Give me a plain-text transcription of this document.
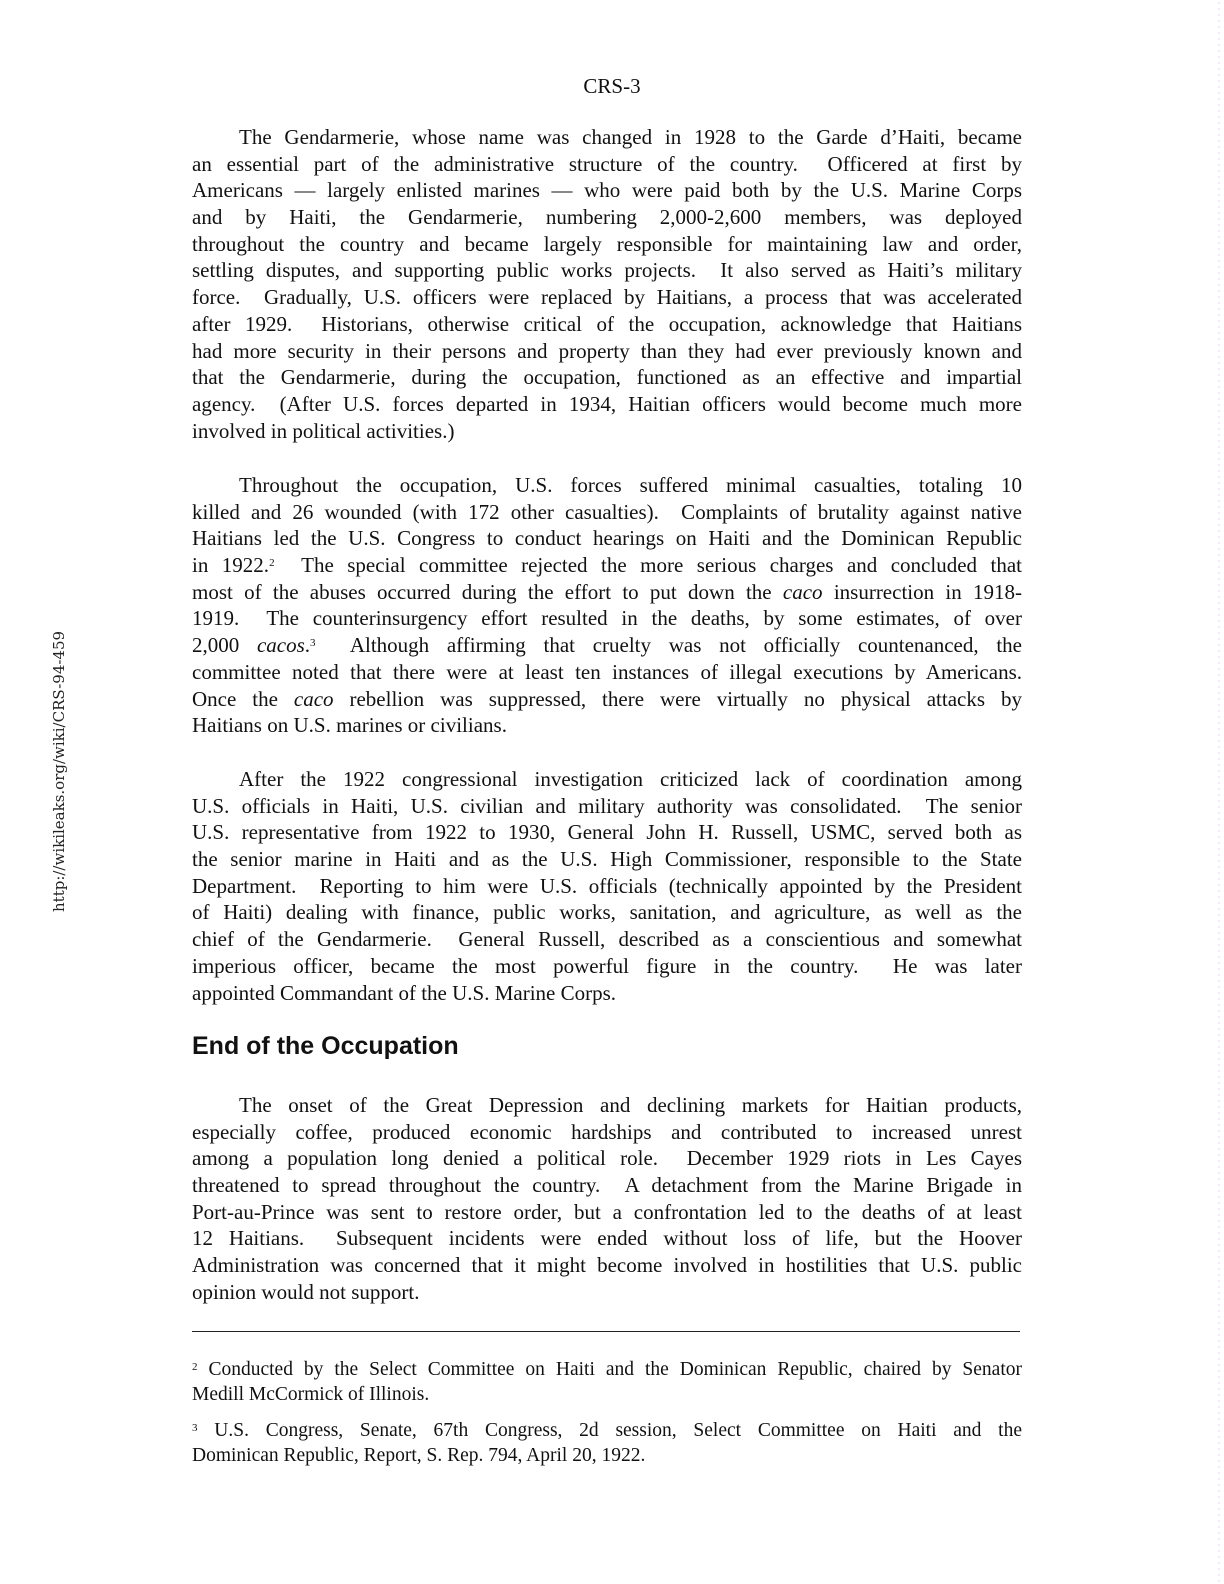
CRS-3
http://wikileaks.org/wiki/CRS-94-459
The Gendarmerie, whose name was changed in 1928 to the Garde d’Haiti, became
an essential part of the administrative structure of the country.  Officered at first by
Americans — largely enlisted marines — who were paid both by the U.S. Marine Corps
and by Haiti, the Gendarmerie, numbering 2,000-2,600 members, was deployed
throughout the country and became largely responsible for maintaining law and order,
settling disputes, and supporting public works projects.  It also served as Haiti’s military
force.  Gradually, U.S. officers were replaced by Haitians, a process that was accelerated
after 1929.  Historians, otherwise critical of the occupation, acknowledge that Haitians
had more security in their persons and property than they had ever previously known and
that the Gendarmerie, during the occupation, functioned as an effective and impartial
agency.  (After U.S. forces departed in 1934, Haitian officers would become much more
involved in political activities.)
Throughout the occupation, U.S. forces suffered minimal casualties, totaling 10
killed and 26 wounded (with 172 other casualties).  Complaints of brutality against native
Haitians led the U.S. Congress to conduct hearings on Haiti and the Dominican Republic
in 1922.$^2$  The special committee rejected the more serious charges and concluded that
most of the abuses occurred during the effort to put down the caco insurrection in 1918-
1919.  The counterinsurgency effort resulted in the deaths, by some estimates, of over
2,000 cacos.$^3$  Although affirming that cruelty was not officially countenanced, the
committee noted that there were at least ten instances of illegal executions by Americans.
Once the caco rebellion was suppressed, there were virtually no physical attacks by
Haitians on U.S. marines or civilians.
After the 1922 congressional investigation criticized lack of coordination among
U.S. officials in Haiti, U.S. civilian and military authority was consolidated.  The senior
U.S. representative from 1922 to 1930, General John H. Russell, USMC, served both as
the senior marine in Haiti and as the U.S. High Commissioner, responsible to the State
Department.  Reporting to him were U.S. officials (technically appointed by the President
of Haiti) dealing with finance, public works, sanitation, and agriculture, as well as the
chief of the Gendarmerie.  General Russell, described as a conscientious and somewhat
imperious officer, became the most powerful figure in the country.  He was later
appointed Commandant of the U.S. Marine Corps.
End of the Occupation
The onset of the Great Depression and declining markets for Haitian products,
especially coffee, produced economic hardships and contributed to increased unrest
among a population long denied a political role.  December 1929 riots in Les Cayes
threatened to spread throughout the country.  A detachment from the Marine Brigade in
Port-au-Prince was sent to restore order, but a confrontation led to the deaths of at least
12 Haitians.  Subsequent incidents were ended without loss of life, but the Hoover
Administration was concerned that it might become involved in hostilities that U.S. public
opinion would not support.
$^2$ Conducted by the Select Committee on Haiti and the Dominican Republic, chaired by Senator
Medill McCormick of Illinois.
$^3$ U.S. Congress, Senate, 67th Congress, 2d session, Select Committee on Haiti and the
Dominican Republic, Report, S. Rep. 794, April 20, 1922.
